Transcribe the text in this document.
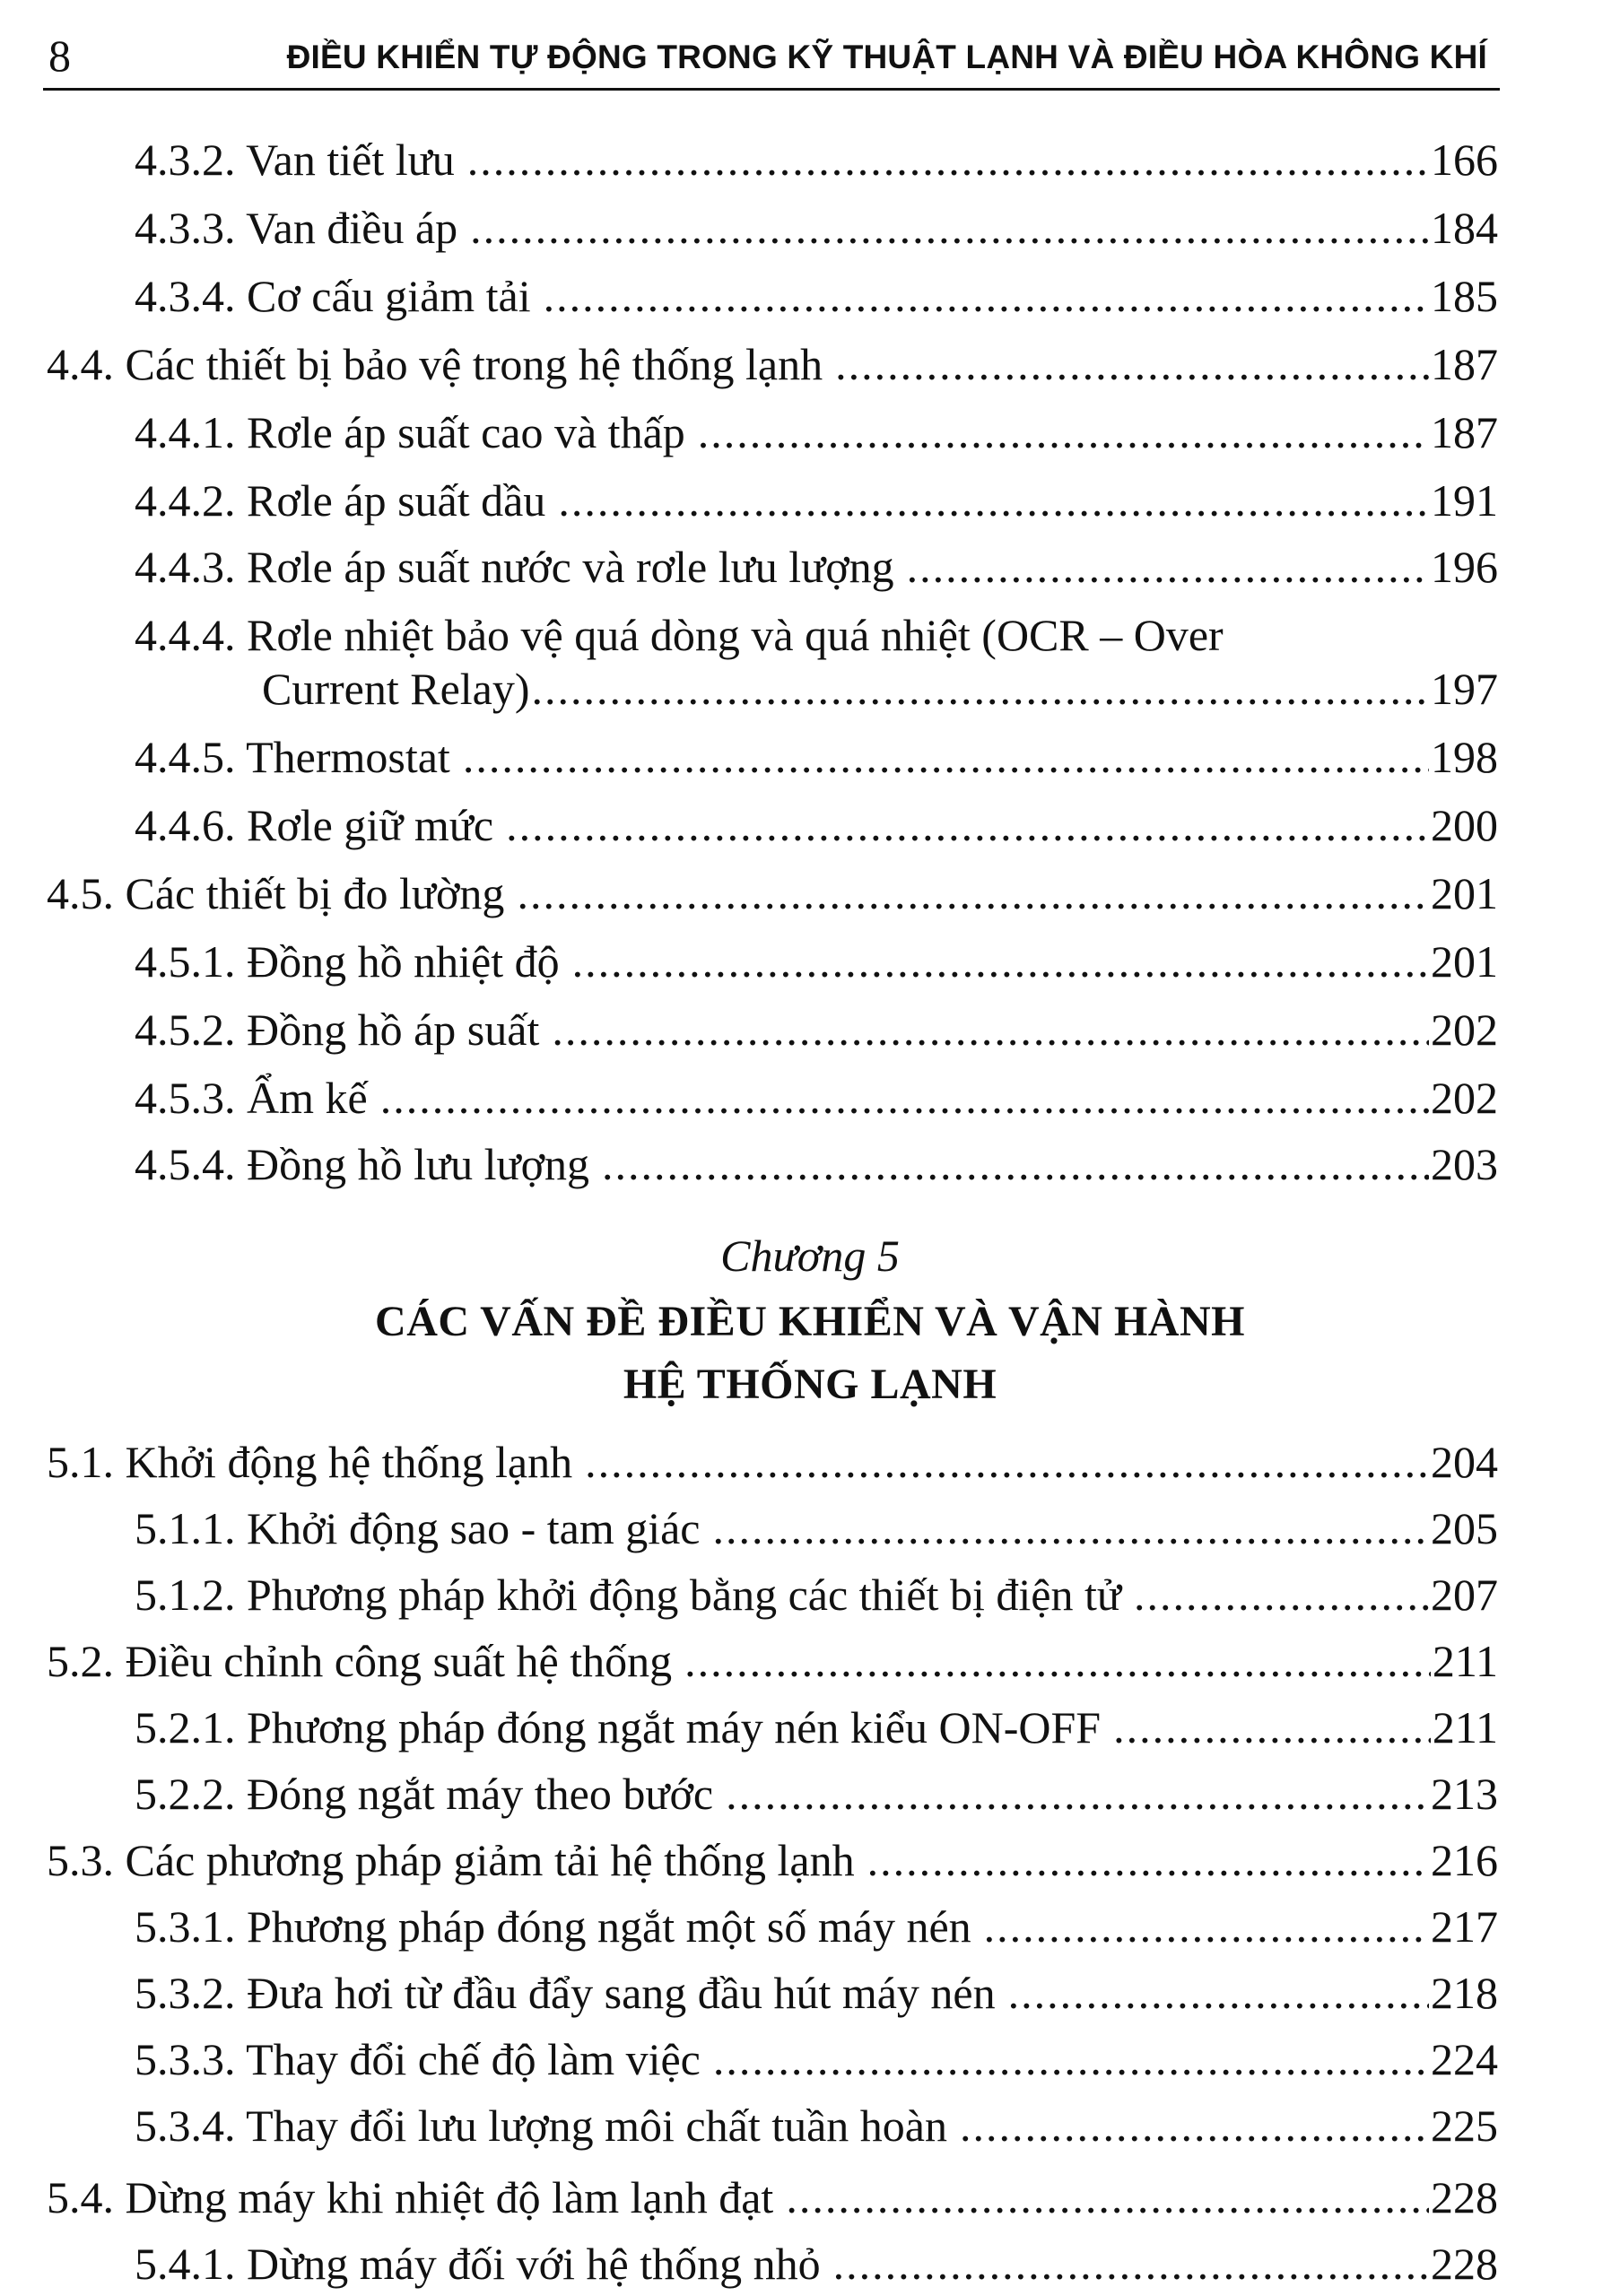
8	ĐIỀU KHIỂN TỰ ĐỘNG TRONG KỸ THUẬT LẠNH VÀ ĐIỀU HÒA KHÔNG KHÍ
4.3.2. Van tiết lưu .....	166
4.3.3. Van điều áp .....	184
4.3.4. Cơ cấu giảm tải .....	185
4.4. Các thiết bị bảo vệ trong hệ thống lạnh .....	187
4.4.1. Rơle áp suất cao và thấp .....	187
4.4.2. Rơle áp suất dầu .....	191
4.4.3. Rơle áp suất nước và rơle lưu lượng .....	196
4.4.4. Rơle nhiệt bảo vệ quá dòng và quá nhiệt (OCR – Over
Current Relay) .....	197
4.4.5. Thermostat .....	198
4.4.6. Rơle giữ mức .....	200
4.5. Các thiết bị đo lường .....	201
4.5.1. Đồng hồ nhiệt độ .....	201
4.5.2. Đồng hồ áp suất .....	202
4.5.3. Ẩm kế .....	202
4.5.4. Đồng hồ lưu lượng .....	203
Chương 5
CÁC VẤN ĐỀ ĐIỀU KHIỂN VÀ VẬN HÀNH
HỆ THỐNG LẠNH
5.1. Khởi động hệ thống lạnh .....	204
5.1.1. Khởi động sao - tam giác .....	205
5.1.2. Phương pháp khởi động bằng các thiết bị điện tử .....	207
5.2. Điều chỉnh công suất hệ thống .....	211
5.2.1. Phương pháp đóng ngắt máy nén kiểu ON-OFF .....	211
5.2.2. Đóng ngắt máy theo bước .....	213
5.3. Các phương pháp giảm tải hệ thống lạnh .....	216
5.3.1. Phương pháp đóng ngắt một số máy nén .....	217
5.3.2. Đưa hơi từ đầu đẩy sang đầu hút máy nén .....	218
5.3.3. Thay đổi chế độ làm việc .....	224
5.3.4. Thay đổi lưu lượng môi chất tuần hoàn .....	225
5.4. Dừng máy khi nhiệt độ làm lạnh đạt .....	228
5.4.1. Dừng máy đối với hệ thống nhỏ .....	228
